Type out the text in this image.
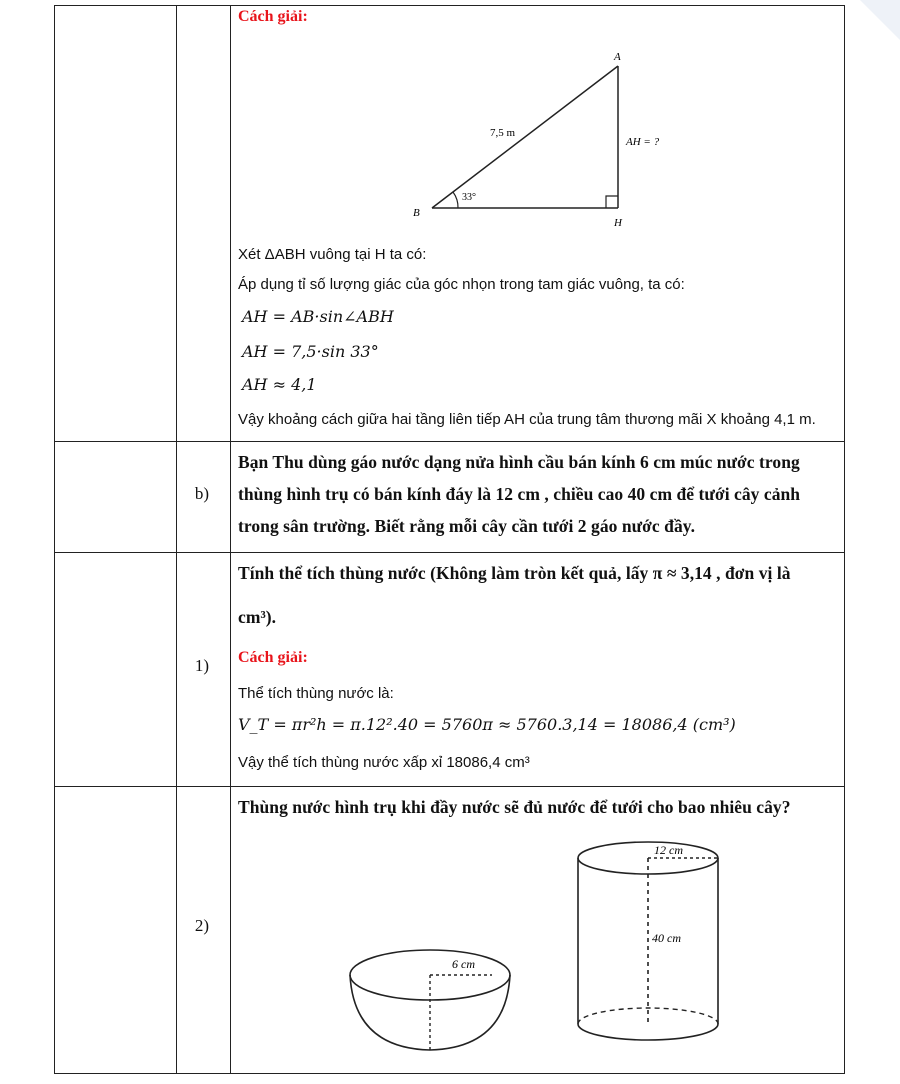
Cách giải:
A
B
H
7,5 m
AH = ?
33°
Xét ΔABH vuông tại H ta có:
Áp dụng tỉ số lượng giác của góc nhọn trong tam giác vuông, ta có:
AH = AB·sin∠ABH
AH = 7,5·sin 33°
AH ≈ 4,1
Vậy khoảng cách giữa hai tầng liên tiếp AH của trung tâm thương mãi X khoảng 4,1 m.
b)
Bạn Thu dùng gáo nước dạng nửa hình cầu bán kính 6 cm múc nước trong
thùng hình trụ có bán kính đáy là 12 cm , chiều cao 40 cm để tưới cây cảnh
trong sân trường. Biết rằng mỗi cây cần tưới 2 gáo nước đầy.
1)
Tính thể tích thùng nước (Không làm tròn kết quả, lấy π ≈ 3,14 , đơn vị là
cm³).
Cách giải:
Thể tích thùng nước là:
V_T = πr²h = π.12².40 = 5760π ≈ 5760.3,14 = 18086,4 (cm³)
Vậy thể tích thùng nước xấp xỉ 18086,4 cm³
2)
Thùng nước hình trụ khi đầy nước sẽ đủ nước để tưới cho bao nhiêu cây?
6 cm
12 cm
40 cm
